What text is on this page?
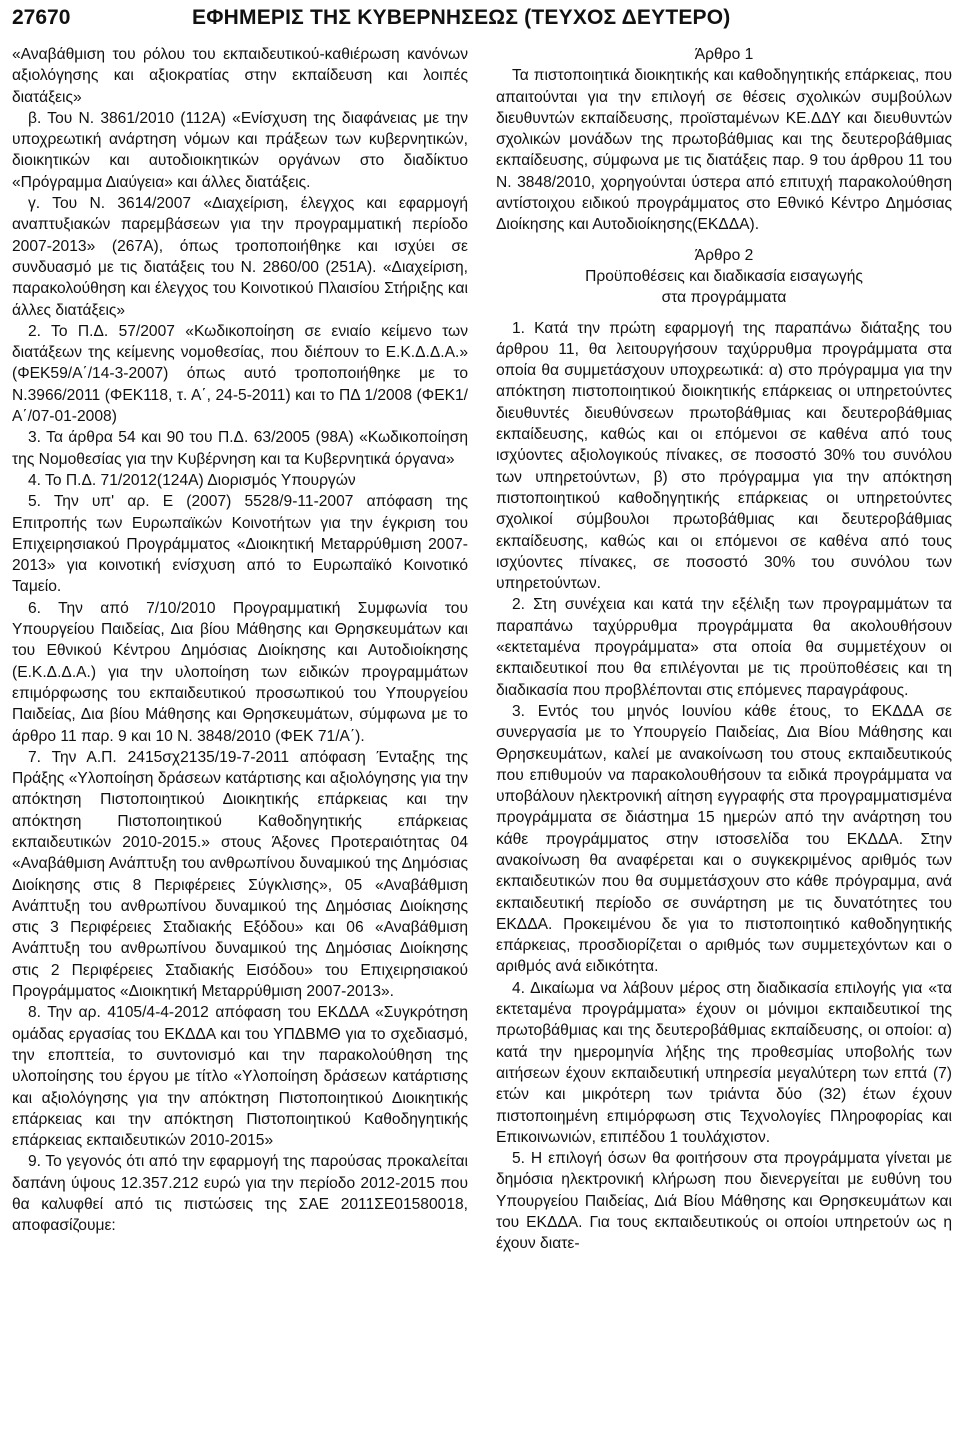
27670	ΕΦΗΜΕΡΙΣ ΤΗΣ ΚΥΒΕΡΝΗΣΕΩΣ (ΤΕΥΧΟΣ ΔΕΥΤΕΡΟ)

«Αναβάθμιση του ρόλου του εκπαιδευτικού-καθιέρωση κανόνων αξιολόγησης και αξιοκρατίας στην εκπαίδευση και λοιπές διατάξεις»

β. Του Ν. 3861/2010 (112Α) «Ενίσχυση της διαφάνειας με την υποχρεωτική ανάρτηση νόμων και πράξεων των κυβερνητικών, διοικητικών και αυτοδιοικητικών οργάνων στο διαδίκτυο «Πρόγραμμα Διαύγεια» και άλλες διατάξεις.

γ. Του Ν. 3614/2007 «Διαχείριση, έλεγχος και εφαρμογή αναπτυξιακών παρεμβάσεων για την προγραμματική περίοδο 2007-2013» (267Α), όπως τροποποιήθηκε και ισχύει σε συνδυασμό με τις διατάξεις του Ν. 2860/00 (251Α). «Διαχείριση, παρακολούθηση και έλεγχος του Κοινοτικού Πλαισίου Στήριξης και άλλες διατάξεις»

2. Το Π.Δ. 57/2007 «Κωδικοποίηση σε ενιαίο κείμενο των διατάξεων της κείμενης νομοθεσίας, που διέπουν το Ε.Κ.Δ.Δ.Α.» (ΦΕΚ59/Α΄/14-3-2007) όπως αυτό τροποποιήθηκε με το Ν.3966/2011 (ΦΕΚ118, τ. Α΄, 24-5-2011) και το ΠΔ 1/2008 (ΦΕΚ1/Α΄/07-01-2008)

3. Τα άρθρα 54 και 90 του Π.Δ. 63/2005 (98Α) «Κωδικοποίηση της Νομοθεσίας για την Κυβέρνηση και τα Κυβερνητικά όργανα»

4. Το Π.Δ. 71/2012(124Α) Διορισμός Υπουργών

5. Την υπ' αρ. Ε (2007) 5528/9-11-2007 απόφαση της Επιτροπής των Ευρωπαϊκών Κοινοτήτων για την έγκριση του Επιχειρησιακού Προγράμματος «Διοικητική Μεταρρύθμιση 2007-2013» για κοινοτική ενίσχυση από το Ευρωπαϊκό Κοινοτικό Ταμείο.

6. Την από 7/10/2010 Προγραμματική Συμφωνία του Υπουργείου Παιδείας, Δια βίου Μάθησης και Θρησκευμάτων και του Εθνικού Κέντρου Δημόσιας Διοίκησης και Αυτοδιοίκησης (Ε.Κ.Δ.Δ.Α.) για την υλοποίηση των ειδικών προγραμμάτων επιμόρφωσης του εκπαιδευτικού προσωπικού του Υπουργείου Παιδείας, Δια βίου Μάθησης και Θρησκευμάτων, σύμφωνα με το άρθρο 11 παρ. 9 και 10 Ν. 3848/2010 (ΦΕΚ 71/Α΄).

7. Την Α.Π. 2415σχ2135/19-7-2011 απόφαση Ένταξης της Πράξης «Υλοποίηση δράσεων κατάρτισης και αξιολόγησης για την απόκτηση Πιστοποιητικού Διοικητικής επάρκειας και την απόκτηση Πιστοποιητικού Καθοδηγητικής επάρκειας εκπαιδευτικών 2010-2015.» στους Άξονες Προτεραιότητας 04 «Αναβάθμιση Ανάπτυξη του ανθρωπίνου δυναμικού της Δημόσιας Διοίκησης στις 8 Περιφέρειες Σύγκλισης», 05 «Αναβάθμιση Ανάπτυξη του ανθρωπίνου δυναμικού της Δημόσιας Διοίκησης στις 3 Περιφέρειες Σταδιακής Εξόδου» και 06 «Αναβάθμιση Ανάπτυξη του ανθρωπίνου δυναμικού της Δημόσιας Διοίκησης στις 2 Περιφέρειες Σταδιακής Εισόδου» του Επιχειρησιακού Προγράμματος «Διοικητική Μεταρρύθμιση 2007-2013».

8. Την αρ. 4105/4-4-2012 απόφαση του ΕΚΔΔΑ «Συγκρότηση ομάδας εργασίας του ΕΚΔΔΑ και του ΥΠΔΒΜΘ για το σχεδιασμό, την εποπτεία, το συντονισμό και την παρακολούθηση της υλοποίησης του έργου με τίτλο «Υλοποίηση δράσεων κατάρτισης και αξιολόγησης για την απόκτηση Πιστοποιητικού Διοικητικής επάρκειας και την απόκτηση Πιστοποιητικού Καθοδηγητικής επάρκειας εκπαιδευτικών 2010-2015»

9. Το γεγονός ότι από την εφαρμογή της παρούσας προκαλείται δαπάνη ύψους 12.357.212 ευρώ για την περίοδο 2012-2015 που θα καλυφθεί από τις πιστώσεις της ΣΑΕ 2011ΣΕ01580018, αποφασίζουμε:

Άρθρο 1

Τα πιστοποιητικά διοικητικής και καθοδηγητικής επάρκειας, που απαιτούνται για την επιλογή σε θέσεις σχολικών συμβούλων διευθυντών εκπαίδευσης, προϊσταμένων ΚΕ.ΔΔΥ και διευθυντών σχολικών μονάδων της πρωτοβάθμιας και της δευτεροβάθμιας εκπαίδευσης, σύμφωνα με τις διατάξεις παρ. 9 του άρθρου 11 του Ν. 3848/2010, χορηγούνται ύστερα από επιτυχή παρακολούθηση αντίστοιχου ειδικού προγράμματος στο Εθνικό Κέντρο Δημόσιας Διοίκησης και Αυτοδιοίκησης(ΕΚΔΔΑ).

Άρθρο 2

Προϋποθέσεις και διαδικασία εισαγωγής

στα προγράμματα

1. Κατά την πρώτη εφαρμογή της παραπάνω διάταξης του άρθρου 11, θα λειτουργήσουν ταχύρρυθμα προγράμματα στα οποία θα συμμετάσχουν υποχρεωτικά: α) στο πρόγραμμα για την απόκτηση πιστοποιητικού διοικητικής επάρκειας οι υπηρετούντες διευθυντές διευθύνσεων πρωτοβάθμιας και δευτεροβάθμιας εκπαίδευσης, καθώς και οι επόμενοι σε καθένα από τους ισχύοντες αξιολογικούς πίνακες, σε ποσοστό 30% του συνόλου των υπηρετούντων, β) στο πρόγραμμα για την απόκτηση πιστοποιητικού καθοδηγητικής επάρκειας οι υπηρετούντες σχολικοί σύμβουλοι πρωτοβάθμιας και δευτεροβάθμιας εκπαίδευσης, καθώς και οι επόμενοι σε καθένα από τους ισχύοντες πίνακες, σε ποσοστό 30% του συνόλου των υπηρετούντων.

2. Στη συνέχεια και κατά την εξέλιξη των προγραμμάτων τα παραπάνω ταχύρρυθμα προγράμματα θα ακολουθήσουν «εκτεταμένα προγράμματα» στα οποία θα συμμετέχουν οι εκπαιδευτικοί που θα επιλέγονται με τις προϋποθέσεις και τη διαδικασία που προβλέπονται στις επόμενες παραγράφους.

3. Εντός του μηνός Ιουνίου κάθε έτους, το ΕΚΔΔΑ σε συνεργασία με το Υπουργείο Παιδείας, Δια Βίου Μάθησης και Θρησκευμάτων, καλεί με ανακοίνωση του στους εκπαιδευτικούς που επιθυμούν να παρακολουθήσουν τα ειδικά προγράμματα να υποβάλουν ηλεκτρονική αίτηση εγγραφής στα προγραμματισμένα προγράμματα σε διάστημα 15 ημερών από την ανάρτηση του κάθε προγράμματος στην ιστοσελίδα του ΕΚΔΔΑ. Στην ανακοίνωση θα αναφέρεται και ο συγκεκριμένος αριθμός των εκπαιδευτικών που θα συμμετάσχουν στο κάθε πρόγραμμα, ανά εκπαιδευτική περίοδο σε συνάρτηση με τις δυνατότητες του ΕΚΔΔΑ. Προκειμένου δε για το πιστοποιητικό καθοδηγητικής επάρκειας, προσδιορίζεται ο αριθμός των συμμετεχόντων και ο αριθμός ανά ειδικότητα.

4. Δικαίωμα να λάβουν μέρος στη διαδικασία επιλογής για «τα εκτεταμένα προγράμματα» έχουν οι μόνιμοι εκπαιδευτικοί της πρωτοβάθμιας και της δευτεροβάθμιας εκπαίδευσης, οι οποίοι: α) κατά την ημερομηνία λήξης της προθεσμίας υποβολής των αιτήσεων έχουν εκπαιδευτική υπηρεσία μεγαλύτερη των επτά (7) ετών και μικρότερη των τριάντα δύο (32) έτων έχουν πιστοποιημένη επιμόρφωση στις Τεχνολογίες Πληροφορίας και Επικοινωνιών, επιπέδου 1 τουλάχιστον.

5. Η επιλογή όσων θα φοιτήσουν στα προγράμματα γίνεται με δημόσια ηλεκτρονική κλήρωση που διενεργείται με ευθύνη του Υπουργείου Παιδείας, Διά Βίου Μάθησης και Θρησκευμάτων και του ΕΚΔΔΑ. Για τους εκπαιδευτικούς οι οποίοι υπηρετούν ως η έχουν διατε-
